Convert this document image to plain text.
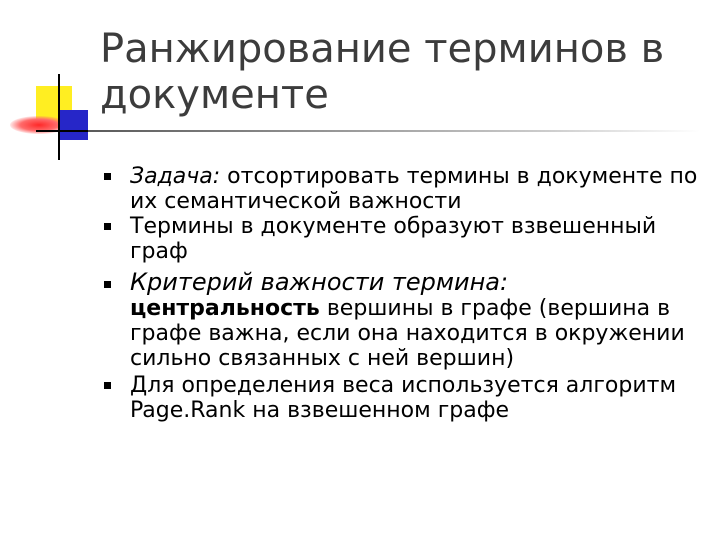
Ранжирование терминов в документе
Задача: отсортировать термины в документе по их семантической важности
Термины в документе образуют взвешенный граф
Критерий важности термина:
центральность вершины в графе (вершина в графе важна, если она находится в окружении сильно связанных с ней вершин)
Для определения веса используется алгоритм Page.Rank на взвешенном графе
